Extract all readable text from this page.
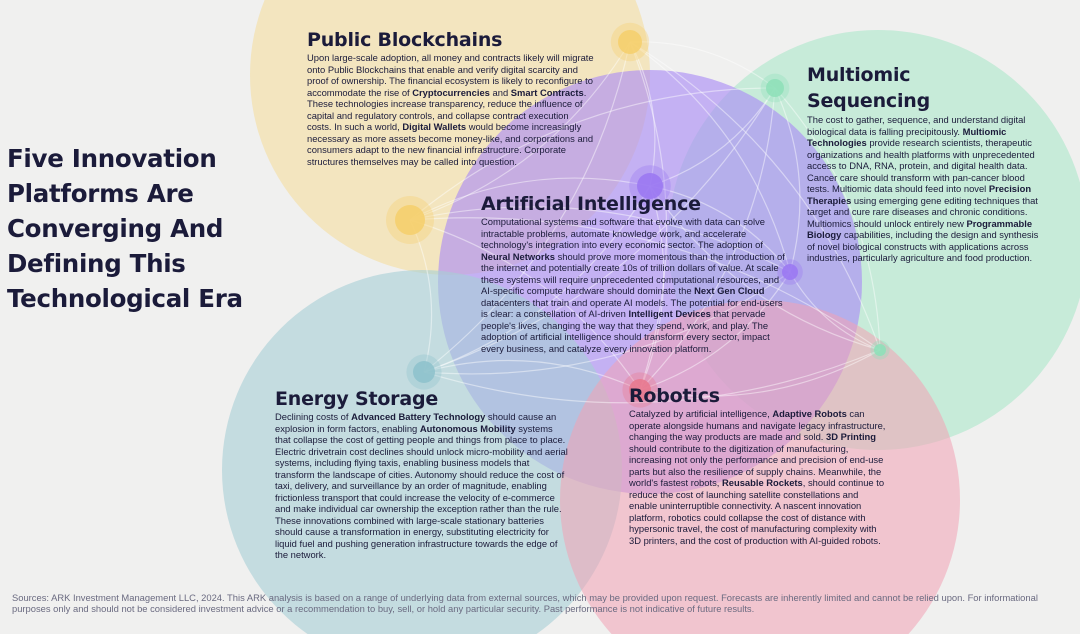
Five Innovation
Platforms Are
Converging And
Defining This
Technological Era
Public Blockchains

Upon large-scale adoption, all money and contracts likely will migrate onto Public Blockchains that enable and verify digital scarcity and proof of ownership. The financial ecosystem is likely to reconfigure to accommodate the rise of Cryptocurrencies and Smart Contracts. These technologies increase transparency, reduce the influence of capital and regulatory controls, and collapse contract execution costs. In such a world, Digital Wallets would become increasingly necessary as more assets become money-like, and corporations and consumers adapt to the new financial infrastructure. Corporate structures themselves may be called into question.

Multiomic Sequencing

The cost to gather, sequence, and understand digital biological data is falling precipitously. Multiomic Technologies provide research scientists, therapeutic organizations and health platforms with unprecedented access to DNA, RNA, protein, and digital health data. Cancer care should transform with pan-cancer blood tests. Multiomic data should feed into novel Precision Therapies using emerging gene editing techniques that target and cure rare diseases and chronic conditions. Multiomics should unlock entirely new Programmable Biology capabilities, including the design and synthesis of novel biological constructs with applications across industries, particularly agriculture and food production.

Artificial Intelligence

Computational systems and software that evolve with data can solve intractable problems, automate knowledge work, and accelerate technology's integration into every economic sector. The adoption of Neural Networks should prove more momentous than the introduction of the internet and potentially create 10s of trillion dollars of value. At scale these systems will require unprecedented computational resources, and AI-specific compute hardware should dominate the Next Gen Cloud datacenters that train and operate AI models. The potential for end-users is clear: a constellation of AI-driven Intelligent Devices that pervade people's lives, changing the way that they spend, work, and play. The adoption of artificial intelligence should transform every sector, impact every business, and catalyze every innovation platform.

Energy Storage

Declining costs of Advanced Battery Technology should cause an explosion in form factors, enabling Autonomous Mobility systems that collapse the cost of getting people and things from place to place. Electric drivetrain cost declines should unlock micro-mobility and aerial systems, including flying taxis, enabling business models that transform the landscape of cities. Autonomy should reduce the cost of taxi, delivery, and surveillance by an order of magnitude, enabling frictionless transport that could increase the velocity of e-commerce and make individual car ownership the exception rather than the rule. These innovations combined with large-scale stationary batteries should cause a transformation in energy, substituting electricity for liquid fuel and pushing generation infrastructure towards the edge of the network.

Robotics

Catalyzed by artificial intelligence, Adaptive Robots can operate alongside humans and navigate legacy infrastructure, changing the way products are made and sold. 3D Printing should contribute to the digitization of manufacturing, increasing not only the performance and precision of end-use parts but also the resilience of supply chains. Meanwhile, the world's fastest robots, Reusable Rockets, should continue to reduce the cost of launching satellite constellations and enable uninterruptible connectivity. A nascent innovation platform, robotics could collapse the cost of distance with hypersonic travel, the cost of manufacturing complexity with 3D printers, and the cost of production with AI-guided robots.

Sources: ARK Investment Management LLC, 2024. This ARK analysis is based on a range of underlying data from external sources, which may be provided upon request. Forecasts are inherently limited and cannot be relied upon. For informational purposes only and should not be considered investment advice or a recommendation to buy, sell, or hold any particular security. Past performance is not indicative of future results.
